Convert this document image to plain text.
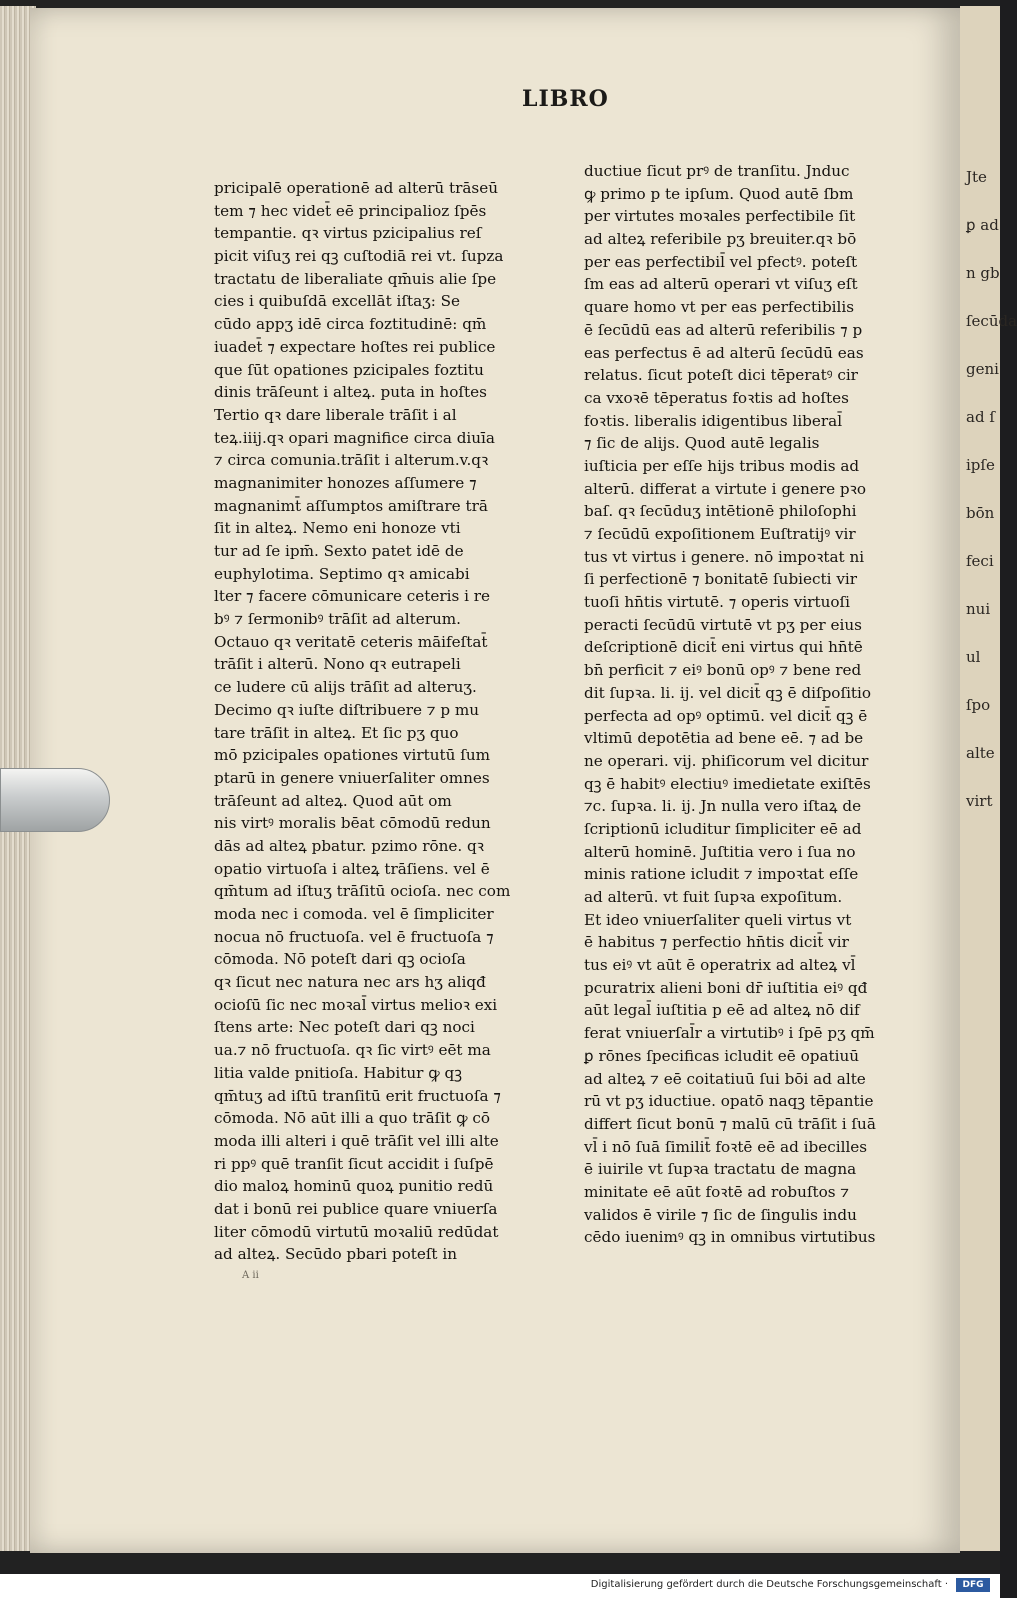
Jte
ꝑ ad
n gb
ſecūda
geni
ad ſ
ipſe
bōn
feci
nui
ul
ſpo
alte
virt
LIBRO
pricipalē operationē ad alterū trāseū
tem ⁊ hec videt̄ eē principalioz ſpēs
tempantie. qꝛ virtus pzicipalius reſ
picit viſuʒ rei qꝫ cuſtodiā rei vt. ſupza
tractatu de liberaliate qm̄uis alie ſpe
cies i quibuſdā excellāt iſtaʒ: Se
cūdo appʒ idē circa foztitudinē: qm̄
iuadet̄ ⁊ expectare hoſtes rei publice
que ſūt opationes pzicipales foztitu
dinis trāſeunt i alteꝝ. puta in hoſtes
Tertio qꝛ dare liberale trāſit i al
teꝝ.iiij.qꝛ opari magnifice circa diuīa
⁊ circa comunia.trāſit i alterum.v.qꝛ
magnanimiter honozes aſſumere ⁊
magnanimt̄ aſſumptos amiſtrare trā
ſit in alteꝝ. Nemo eni honoze vti
tur ad ſe ipm̄. Sexto patet idē de
euphylotima. Septimo qꝛ amicabi
lter ⁊ facere cōmunicare ceteris i re
bꝰ ⁊ ſermonibꝰ trāſit ad alterum.
Octauo qꝛ veritatē ceteris māifeſtat̄
trāſit i alterū. Nono qꝛ eutrapeli
ce ludere cū alijs trāſit ad alteruʒ.
Decimo qꝛ iuſte diſtribuere ⁊ p mu
tare trāſit in alteꝝ. Et ſic pʒ quo
mō pzicipales opationes virtutū ſum
ptarū in genere vniuerſaliter omnes
trāſeunt ad alteꝝ. Quod aūt om
nis virtꝰ moralis bēat cōmodū redun
dās ad alteꝝ pbatur. pzimo rōne. qꝛ
opatio virtuoſa i alteꝝ trāſiens. vel ē
qm̄tum ad iſtuʒ trāſitū ocioſa. nec com
moda nec i comoda. vel ē ſimpliciter
nocua nō fructuoſa. vel ē fructuoſa ⁊
cōmoda. Nō poteſt dari qꝫ ocioſa
qꝛ ſicut nec natura nec ars hʒ aliqđ
ocioſū ſic nec moꝛal̄ virtus melioꝛ exi
ſtens arte: Nec poteſt dari qꝫ noci
ua.⁊ nō fructuoſa. qꝛ ſic virtꝰ eēt ma
litia valde pnitioſa. Habitur ꝙ qꝫ
qm̄tuʒ ad iſtū tranſitū erit fructuoſa ⁊
cōmoda. Nō aūt illi a quo trāſit ꝙ cō
moda illi alteri i quē trāſit vel illi alte
ri ppꝰ quē tranſit ſicut accidit i ſuſpē
dio maloꝝ hominū quoꝝ punitio redū
dat i bonū rei publice quare vniuerſa
liter cōmodū virtutū moꝛaliū redūdat
ad alteꝝ. Secūdo pbari poteſt in
ductiue ſicut prꝰ de tranſitu. Jnduc
ꝙ primo p te ipſum. Quod autē ſbm
per virtutes moꝛales perfectibile ſit
ad alteꝝ referibile pʒ breuiter.qꝛ bō
per eas perfectibil̄ vel pfectꝰ. poteſt
ſm eas ad alterū operari vt viſuʒ eſt
quare homo vt per eas perfectibilis
ē ſecūdū eas ad alterū referibilis ⁊ p
eas perfectus ē ad alterū ſecūdū eas
relatus. ſicut poteſt dici tēperatꝰ cir
ca vxoꝛē tēperatus foꝛtis ad hoſtes
foꝛtis. liberalis idigentibus liberal̄
⁊ ſic de alijs. Quod autē legalis
iuſticia per eſſe hijs tribus modis ad
alterū. differat a virtute i genere pꝛo
baſ. qꝛ ſecūduʒ intētionē philoſophi
⁊ ſecūdū expoſitionem Euſtratijꝰ vir
tus vt virtus i genere. nō impoꝛtat ni
ſi perfectionē ⁊ bonitatē ſubiecti vir
tuoſi hn̄tis virtutē. ⁊ operis virtuoſi
peracti ſecūdū virtutē vt pʒ per eius
deſcriptionē dicit̄ eni virtus qui hn̄tē
bn̄ perficit ⁊ eiꝰ bonū opꝰ ⁊ bene red
dit ſupꝛa. li. ij. vel dicit̄ qꝫ ē diſpoſitio
perfecta ad opꝰ optimū. vel dicit̄ qꝫ ē
vltimū depotētia ad bene eē. ⁊ ad be
ne operari. vij. phiſicorum vel dicitur
qꝫ ē habitꝰ electiuꝰ imedietate exiſtēs
⁊c. ſupꝛa. li. ij. Jn nulla vero iſtaꝝ de
ſcriptionū icluditur ſimpliciter eē ad
alterū hominē. Juſtitia vero i ſua no
minis ratione icludit ⁊ impoꝛtat eſſe
ad alterū. vt fuit ſupꝛa expoſitum.
Et ideo vniuerſaliter queli virtus vt
ē habitus ⁊ perfectio hn̄tis dicit̄ vir
tus eiꝰ vt aūt ē operatrix ad alteꝝ vl̄
pcuratrix alieni boni dr̄ iuſtitia eiꝰ qđ
aūt legal̄ iuſtitia p eē ad alteꝝ nō dif
ferat vniuerſal̄r a virtutibꝰ i ſpē pʒ qm̄
ꝑ rōnes ſpecificas icludit eē opatiuū
ad alteꝝ ⁊ eē coitatiuū ſui bōi ad alte
rū vt pʒ iductiue. opatō naqꝫ tēpantie
differt ſicut bonū ⁊ malū cū trāſit i ſuā
vl̄ i nō ſuā ſimilit̄ foꝛtē eē ad ibecilles
ē iuirile vt ſupꝛa tractatu de magna
minitate eē aūt foꝛtē ad robuſtos ⁊
validos ē virile ⁊ ſic de ſingulis indu
cēdo iuenimꝰ qꝫ in omnibus virtutibus
A ii
Digitalisierung gefördert durch die Deutsche Forschungsgemeinschaft ·	DFG
